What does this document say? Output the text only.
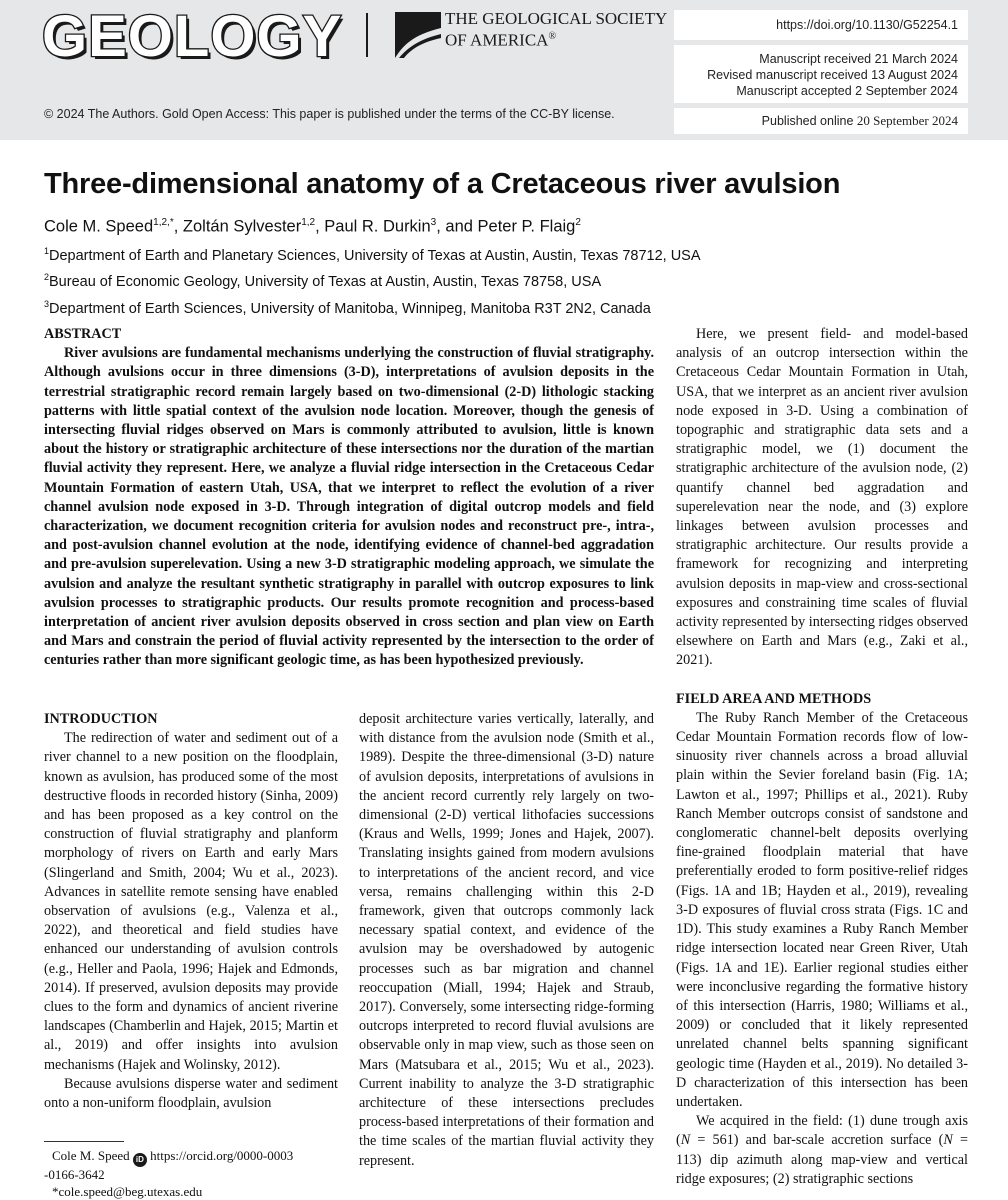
GEOLOGY	THE GEOLOGICAL SOCIETY
OF AMERICA®
https://doi.org/10.1130/G52254.1
Manuscript received 21 March 2024
Revised manuscript received 13 August 2024
Manuscript accepted 2 September 2024
Published online 20 September 2024
© 2024 The Authors. Gold Open Access: This paper is published under the terms of the CC-BY license.
Three-dimensional anatomy of a Cretaceous river avulsion
Cole M. Speed$^{1,2,*}$, Zoltán Sylvester$^{1,2}$, Paul R. Durkin$^3$, and Peter P. Flaig$^2$
$^1$Department of Earth and Planetary Sciences, University of Texas at Austin, Austin, Texas 78712, USA
$^2$Bureau of Economic Geology, University of Texas at Austin, Austin, Texas 78758, USA
$^3$Department of Earth Sciences, University of Manitoba, Winnipeg, Manitoba R3T 2N2, Canada

ABSTRACT

River avulsions are fundamental mechanisms underlying the construction of fluvial stratigraphy. Although avulsions occur in three dimensions (3-D), interpretations of avulsion deposits in the terrestrial stratigraphic record remain largely based on two-dimensional (2-D) lithologic stacking patterns with little spatial context of the avulsion node location. Moreover, though the genesis of intersecting fluvial ridges observed on Mars is commonly attributed to avulsion, little is known about the history or stratigraphic architecture of these intersections nor the duration of the martian fluvial activity they represent. Here, we analyze a fluvial ridge intersection in the Cretaceous Cedar Mountain Formation of eastern Utah, USA, that we interpret to reflect the evolution of a river channel avulsion node exposed in 3-D. Through integration of digital outcrop models and field characterization, we document recognition criteria for avulsion nodes and reconstruct pre-, intra-, and post-avulsion channel evolution at the node, identifying evidence of channel-bed aggradation and pre-avulsion superelevation. Using a new 3-D stratigraphic modeling approach, we simulate the avulsion and analyze the resultant synthetic stratigraphy in parallel with outcrop exposures to link avulsion processes to stratigraphic products. Our results promote recognition and process-based interpretation of ancient river avulsion deposits observed in cross section and plan view on Earth and Mars and constrain the period of fluvial activity represented by the intersection to the order of centuries rather than more significant geologic time, as has been hypothesized previously.

Here, we present field- and model-based analysis of an outcrop intersection within the Cretaceous Cedar Mountain Formation in Utah, USA, that we interpret as an ancient river avulsion node exposed in 3-D. Using a combination of topographic and stratigraphic data sets and a stratigraphic model, we (1) document the stratigraphic architecture of the avulsion node, (2) quantify channel bed aggradation and superelevation near the node, and (3) explore linkages between avulsion processes and stratigraphic architecture. Our results provide a framework for recognizing and interpreting avulsion deposits in map-view and cross-sectional exposures and constraining time scales of fluvial activity represented by intersecting ridges observed elsewhere on Earth and Mars (e.g., Zaki et al., 2021).

FIELD AREA AND METHODS

The Ruby Ranch Member of the Cretaceous Cedar Mountain Formation records flow of low-sinuosity river channels across a broad alluvial plain within the Sevier foreland basin (Fig. 1A; Lawton et al., 1997; Phillips et al., 2021). Ruby Ranch Member outcrops consist of sandstone and conglomeratic channel-belt deposits overlying fine-grained floodplain material that have preferentially eroded to form positive-relief ridges (Figs. 1A and 1B; Hayden et al., 2019), revealing 3-D exposures of fluvial cross strata (Figs. 1C and 1D). This study examines a Ruby Ranch Member ridge intersection located near Green River, Utah (Figs. 1A and 1E). Earlier regional studies either were inconclusive regarding the formative history of this intersection (Harris, 1980; Williams et al., 2009) or concluded that it likely represented unrelated channel belts spanning significant geologic time (Hayden et al., 2019). No detailed 3-D characterization of this intersection has been undertaken.

We acquired in the field: (1) dune trough axis (N = 561) and bar-scale accretion surface (N = 113) dip azimuth along map-view and vertical ridge exposures; (2) stratigraphic sections

INTRODUCTION

The redirection of water and sediment out of a river channel to a new position on the floodplain, known as avulsion, has produced some of the most destructive floods in recorded history (Sinha, 2009) and has been proposed as a key control on the construction of fluvial stratigraphy and planform morphology of rivers on Earth and early Mars (Slingerland and Smith, 2004; Wu et al., 2023). Advances in satellite remote sensing have enabled observation of avulsions (e.g., Valenza et al., 2022), and theoretical and field studies have enhanced our understanding of avulsion controls (e.g., Heller and Paola, 1996; Hajek and Edmonds, 2014). If preserved, avulsion deposits may provide clues to the form and dynamics of ancient riverine landscapes (Chamberlin and Hajek, 2015; Martin et al., 2019) and offer insights into avulsion mechanisms (Hajek and Wolinsky, 2012).

Because avulsions disperse water and sediment onto a non-uniform floodplain, avulsion

deposit architecture varies vertically, laterally, and with distance from the avulsion node (Smith et al., 1989). Despite the three-dimensional (3-D) nature of avulsion deposits, interpretations of avulsions in the ancient record currently rely largely on two-dimensional (2-D) vertical lithofacies successions (Kraus and Wells, 1999; Jones and Hajek, 2007). Translating insights gained from modern avulsions to interpretations of the ancient record, and vice versa, remains challenging within this 2-D framework, given that outcrops commonly lack necessary spatial context, and evidence of the avulsion may be overshadowed by autogenic processes such as bar migration and channel reoccupation (Miall, 1994; Hajek and Straub, 2017). Conversely, some intersecting ridge-forming outcrops interpreted to record fluvial avulsions are observable only in map view, such as those seen on Mars (Matsubara et al., 2015; Wu et al., 2023). Current inability to analyze the 3-D stratigraphic architecture of these intersections precludes process-based interpretations of their formation and the time scales of the martian fluvial activity they represent.

Cole M. Speed iD https://orcid.org/0000-0003
-0166-3642
*cole.speed@beg.utexas.edu
